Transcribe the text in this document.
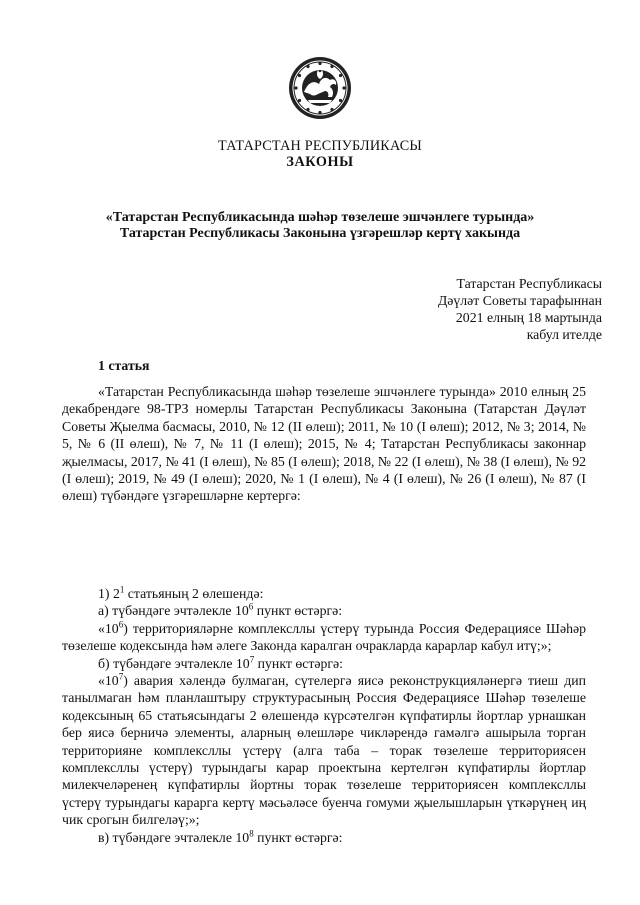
ТАТАРСТАН РЕСПУБЛИКАСЫ
ЗАКОНЫ
«Татарстан Республикасында шәһәр төзелеше эшчәнлеге турында»
Татарстан Республикасы Законына үзгәрешләр кертү хакында
Татарстан Республикасы
Дәүләт Советы тарафыннан
2021 елның 18 мартында
кабул ителде
1 статья

«Татарстан Республикасында шәһәр төзелеше эшчәнлеге турында» 2010 елның 25 декабрендәге 98-ТРЗ номерлы Татарстан Республикасы Законына (Татарстан Дәүләт Советы Җыелма басмасы, 2010, № 12 (II өлеш); 2011, № 10 (I өлеш); 2012, № 3; 2014, № 5, № 6 (II өлеш), № 7, № 11 (I өлеш); 2015, № 4; Татарстан Республикасы законнар җыелмасы, 2017, № 41 (I өлеш), № 85 (I өлеш); 2018, № 22 (I өлеш), № 38 (I өлеш), № 92 (I өлеш); 2019, № 49 (I өлеш); 2020, № 1 (I өлеш), № 4 (I өлеш), № 26 (I өлеш), № 87 (I өлеш) түбәндәге үзгәрешләрне кертергә:

1) $2^1$ статьяның 2 өлешендә:

а) түбәндәге эчтәлекле $10^6$ пункт өстәргә:

«$10^6$) территорияләрне комплексллы үстерү турында Россия Федерациясе Шәһәр төзелеше кодексында һәм әлеге Законда каралган очракларда карарлар кабул итү;»;

б) түбәндәге эчтәлекле $10^7$ пункт өстәргә:

«$10^7$) авария хәлендә булмаган, сүтелергә яисә реконструкцияләнергә тиеш дип танылмаган һәм планлаштыру структурасының Россия Федерациясе Шәһәр төзелеше кодексының 65 статьясындагы 2 өлешендә күрсәтелгән күпфатирлы йортлар урнашкан бер яисә берничә элементы, аларның өлешләре чикләрендә гамәлгә ашырыла торган территорияне комплексллы үстерү (алга таба – торак төзелеше территориясен комплексллы үстерү) турындагы карар проектына кертелгән күпфатирлы йортлар милекчеләренең күпфатирлы йортны торак төзелеше территориясен комплексллы үстерү турындагы карарга кертү мәсьәләсе буенча гомуми җыелышларын үткәрүнең иң чик срогын билгеләү;»;

в) түбәндәге эчтәлекле $10^8$ пункт өстәргә:
